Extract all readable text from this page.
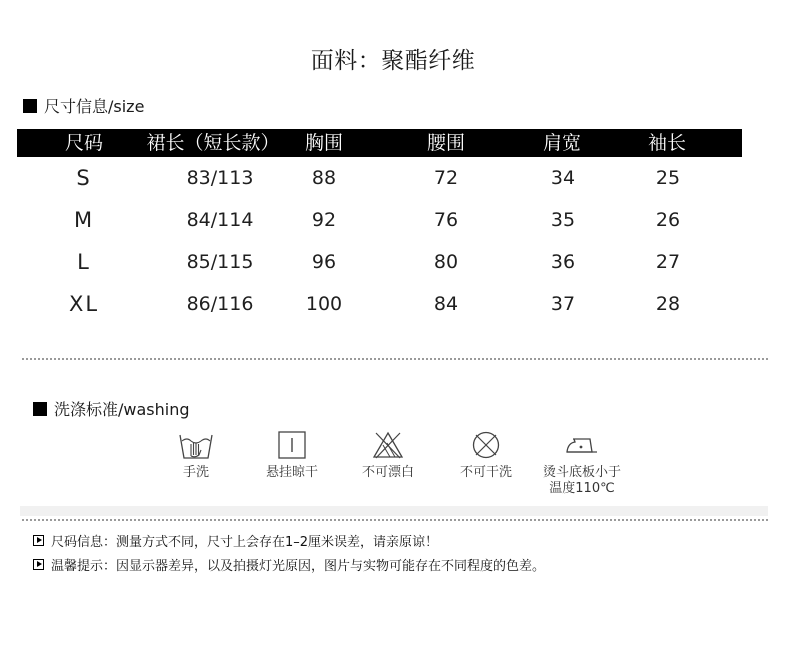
面料：聚酯纤维
尺寸信息/size
尺码 裙长（短长款） 胸围	腰围	肩宽	袖长
S	83/113	88	72	34	25
M	84/114	92	76	35	26
L	85/115	96	80	36	27
XL	86/116	100	84	37	28
洗涤标准/washing
手洗	悬挂晾干	不可漂白	不可干洗	烫斗底板小于
温度110℃
尺码信息：测量方式不同，尺寸上会存在1–2厘米误差，请亲原谅！
温馨提示：因显示器差异，以及拍摄灯光原因，图片与实物可能存在不同程度的色差。
